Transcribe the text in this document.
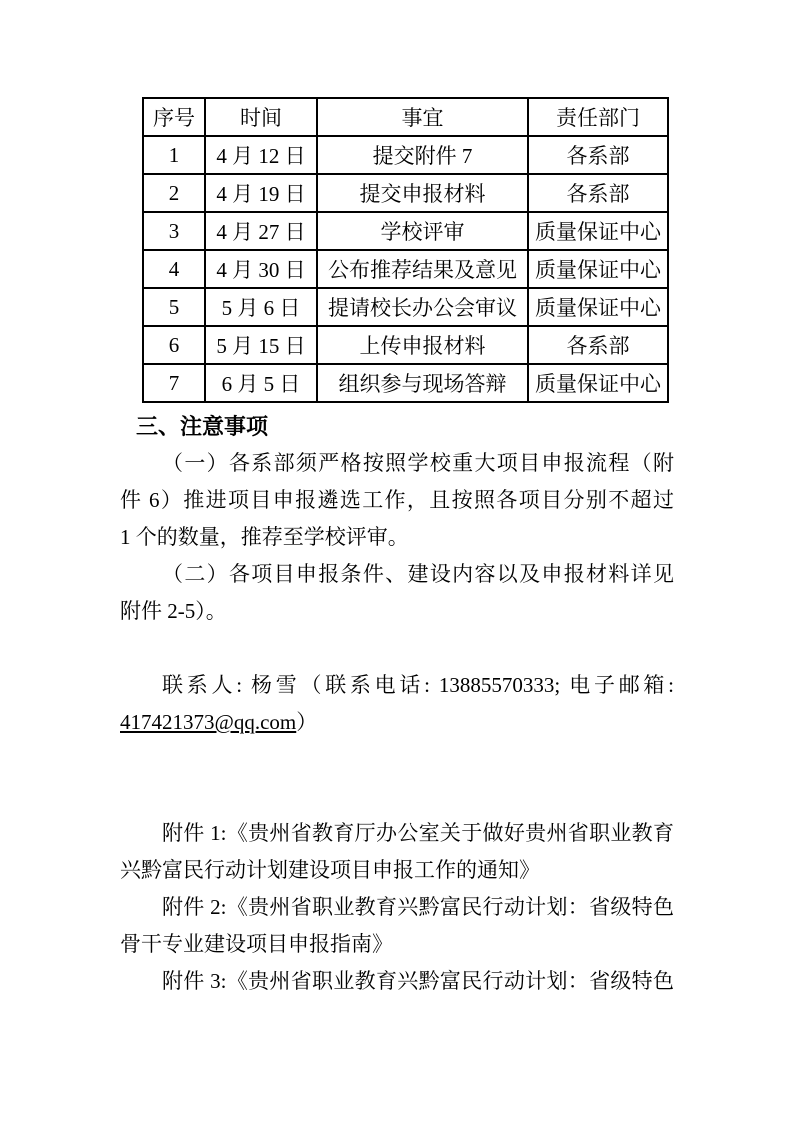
序号	时间	事宜	责任部门
1	4 月 12 日	提交附件 7	各系部
2	4 月 19 日	提交申报材料	各系部
3	4 月 27 日	学校评审	质量保证中心
4	4 月 30 日	公布推荐结果及意见	质量保证中心
5	5 月 6 日	提请校长办公会审议	质量保证中心
6	5 月 15 日	上传申报材料	各系部
7	6 月 5 日	组织参与现场答辩	质量保证中心
三、注意事项
（一）各系部须严格按照学校重大项目申报流程（附
件 6）推进项目申报遴选工作，且按照各项目分别不超过
1 个的数量，推荐至学校评审。
（二）各项目申报条件、建设内容以及申报材料详见
附件 2-5）。
联系人: 杨雪（联系电话: 13885570333; 电子邮箱:
417421373@qq.com）
附件 1:《贵州省教育厅办公室关于做好贵州省职业教育
兴黔富民行动计划建设项目申报工作的通知》
附件 2:《贵州省职业教育兴黔富民行动计划：省级特色
骨干专业建设项目申报指南》
附件 3:《贵州省职业教育兴黔富民行动计划：省级特色
